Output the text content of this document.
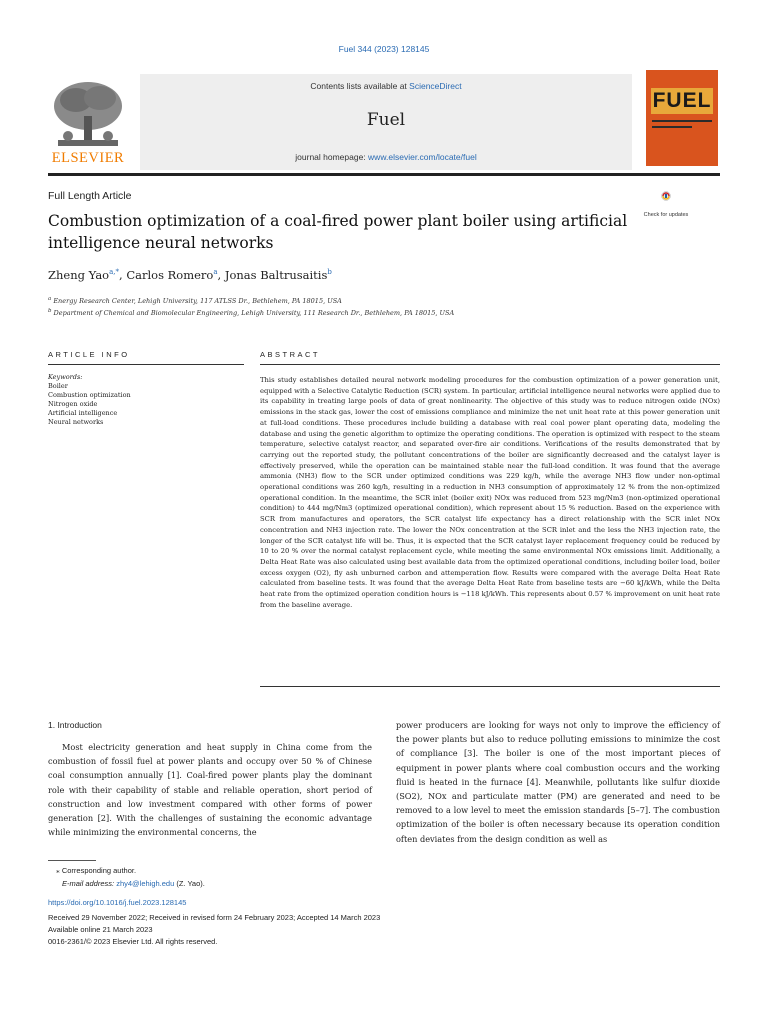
Fuel 344 (2023) 128145
ELSEVIER
Contents lists available at ScienceDirect
Fuel
journal homepage: www.elsevier.com/locate/fuel
FUEL
Full Length Article
Combustion optimization of a coal-fired power plant boiler using artificial intelligence neural networks
Check for updates
Zheng Yao$^{a,*}$, Carlos Romero$^a$, Jonas Baltrusaitis$^b$
$^a$ Energy Research Center, Lehigh University, 117 ATLSS Dr., Bethlehem, PA 18015, USA
$^b$ Department of Chemical and Biomolecular Engineering, Lehigh University, 111 Research Dr., Bethlehem, PA 18015, USA
ARTICLE INFO	ABSTRACT
Keywords:
Boiler
Combustion optimization
Nitrogen oxide
Artificial intelligence
Neural networks
This study establishes detailed neural network modeling procedures for the combustion optimization of a power generation unit, equipped with a Selective Catalytic Reduction (SCR) system. In particular, artificial intelligence neural networks were applied due to its capability in treating large pools of data of great nonlinearity. The objective of this study was to reduce nitrogen oxide (NOx) emissions in the stack gas, lower the cost of emissions compliance and minimize the net unit heat rate at this power generation unit at full-load conditions. These procedures include building a database with real coal power plant operating data, modeling the database and using the genetic algorithm to optimize the operating conditions. The operation is optimized with respect to the steam temperature, selective catalyst reactor, and separated over-fire air conditions. Verifications of the results demonstrated that by carrying out the reported study, the pollutant concentrations of the boiler are significantly decreased and the catalyst layer is effectively preserved, while the operation can be maintained stable near the full-load condition. It was found that the average ammonia (NH3) flow to the SCR under optimized conditions was 229 kg/h, while the average NH3 flow under non-optimal operational conditions was 260 kg/h, resulting in a reduction in NH3 consumption of approximately 12 % from the non-optimized operational condition. In the meantime, the SCR inlet (boiler exit) NOx was reduced from 523 mg/Nm3 (non-optimized operational condition) to 444 mg/Nm3 (optimized operational condition), which represent about 15 % reduction. Based on the experience with SCR from manufactures and operators, the SCR catalyst life expectancy has a direct relationship with the SCR inlet NOx concentration and NH3 injection rate. The lower the NOx concentration at the SCR inlet and the less the NH3 injection rate, the longer of the SCR catalyst life will be. Thus, it is expected that the SCR catalyst layer replacement frequency could be reduced by 10 to 20 % over the normal catalyst replacement cycle, while meeting the same environmental NOx emissions limit. Additionally, a Delta Heat Rate was also calculated using best available data from the optimized operational conditions, including boiler load, boiler excess oxygen (O2), fly ash unburned carbon and attemperation flow. Results were compared with the average Delta Heat Rate calculated from baseline tests. It was found that the average Delta Heat Rate from baseline tests are −60 kJ/kWh, while the Delta heat rate from the optimized operation condition hours is −118 kJ/kWh. This represents about 0.57 % improvement on unit heat rate from the baseline average.
1. Introduction
Most electricity generation and heat supply in China come from the combustion of fossil fuel at power plants and occupy over 50 % of Chinese coal consumption annually [1]. Coal-fired power plants play the dominant role with their capability of stable and reliable operation, short period of construction and low investment compared with other forms of power generation [2]. With the challenges of sustaining the economic advantage while minimizing the environmental concerns, the
power producers are looking for ways not only to improve the efficiency of the power plants but also to reduce polluting emissions to minimize the cost of compliance [3]. The boiler is one of the most important pieces of equipment in power plants where coal combustion occurs and the working fluid is heated in the furnace [4]. Meanwhile, pollutants like sulfur dioxide (SO2), NOx and particulate matter (PM) are generated and need to be removed to a low level to meet the emission standards [5–7]. The combustion optimization of the boiler is often necessary because its operation condition often deviates from the design condition as well as
⁎ Corresponding author.
E-mail address: zhy4@lehigh.edu (Z. Yao).
https://doi.org/10.1016/j.fuel.2023.128145
Received 29 November 2022; Received in revised form 24 February 2023; Accepted 14 March 2023
Available online 21 March 2023
0016-2361/© 2023 Elsevier Ltd. All rights reserved.
